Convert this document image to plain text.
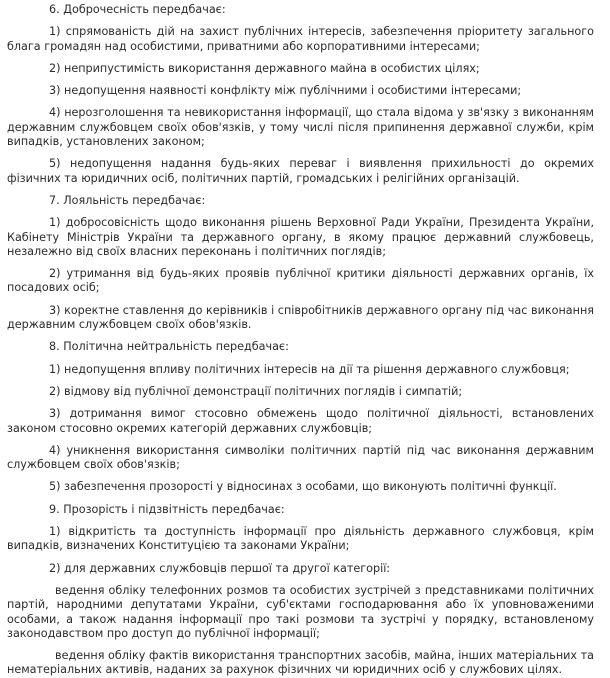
6. Доброчесність передбачає:

1) спрямованість дій на захист публічних інтересів, забезпечення пріоритету загального блага громадян над особистими, приватними або корпоративними інтересами;

2) неприпустимість використання державного майна в особистих цілях;

3) недопущення наявності конфлікту між публічними і особистими інтересами;

4) нерозголошення та невикористання інформації, що стала відома у зв'язку з виконанням державним службовцем своїх обов'язків, у тому числі після припинення державної служби, крім випадків, установлених законом;

5) недопущення надання будь-яких переваг і виявлення прихильності до окремих фізичних та юридичних осіб, політичних партій, громадських і релігійних організацій.

7. Лояльність передбачає:

1) добросовісність щодо виконання рішень Верховної Ради України, Президента України, Кабінету Міністрів України та державного органу, в якому працює державний службовець, незалежно від своїх власних переконань і політичних поглядів;

2) утримання від будь-яких проявів публічної критики діяльності державних органів, їх посадових осіб;

3) коректне ставлення до керівників і співробітників державного органу під час виконання державним службовцем своїх обов'язків.

8. Політична нейтральність передбачає:

1) недопущення впливу політичних інтересів на дії та рішення державного службовця;

2) відмову від публічної демонстрації політичних поглядів і симпатій;

3) дотримання вимог стосовно обмежень щодо політичної діяльності, встановлених законом стосовно окремих категорій державних службовців;

4) уникнення використання символіки політичних партій під час виконання державним службовцем своїх обов'язків;

5) забезпечення прозорості у відносинах з особами, що виконують політичні функції.

9. Прозорість і підзвітність передбачає:

1) відкритість та доступність інформації про діяльність державного службовця, крім випадків, визначених Конституцією та законами України;

2) для державних службовців першої та другої категорії:

ведення обліку телефонних розмов та особистих зустрічей з представниками політичних партій, народними депутатами України, суб'єктами господарювання або їх уповноваженими особами, а також надання інформації про такі розмови та зустрічі у порядку, встановленому законодавством про доступ до публічної інформації;

ведення обліку фактів використання транспортних засобів, майна, інших матеріальних та нематеріальних активів, наданих за рахунок фізичних чи юридичних осіб у службових цілях.
